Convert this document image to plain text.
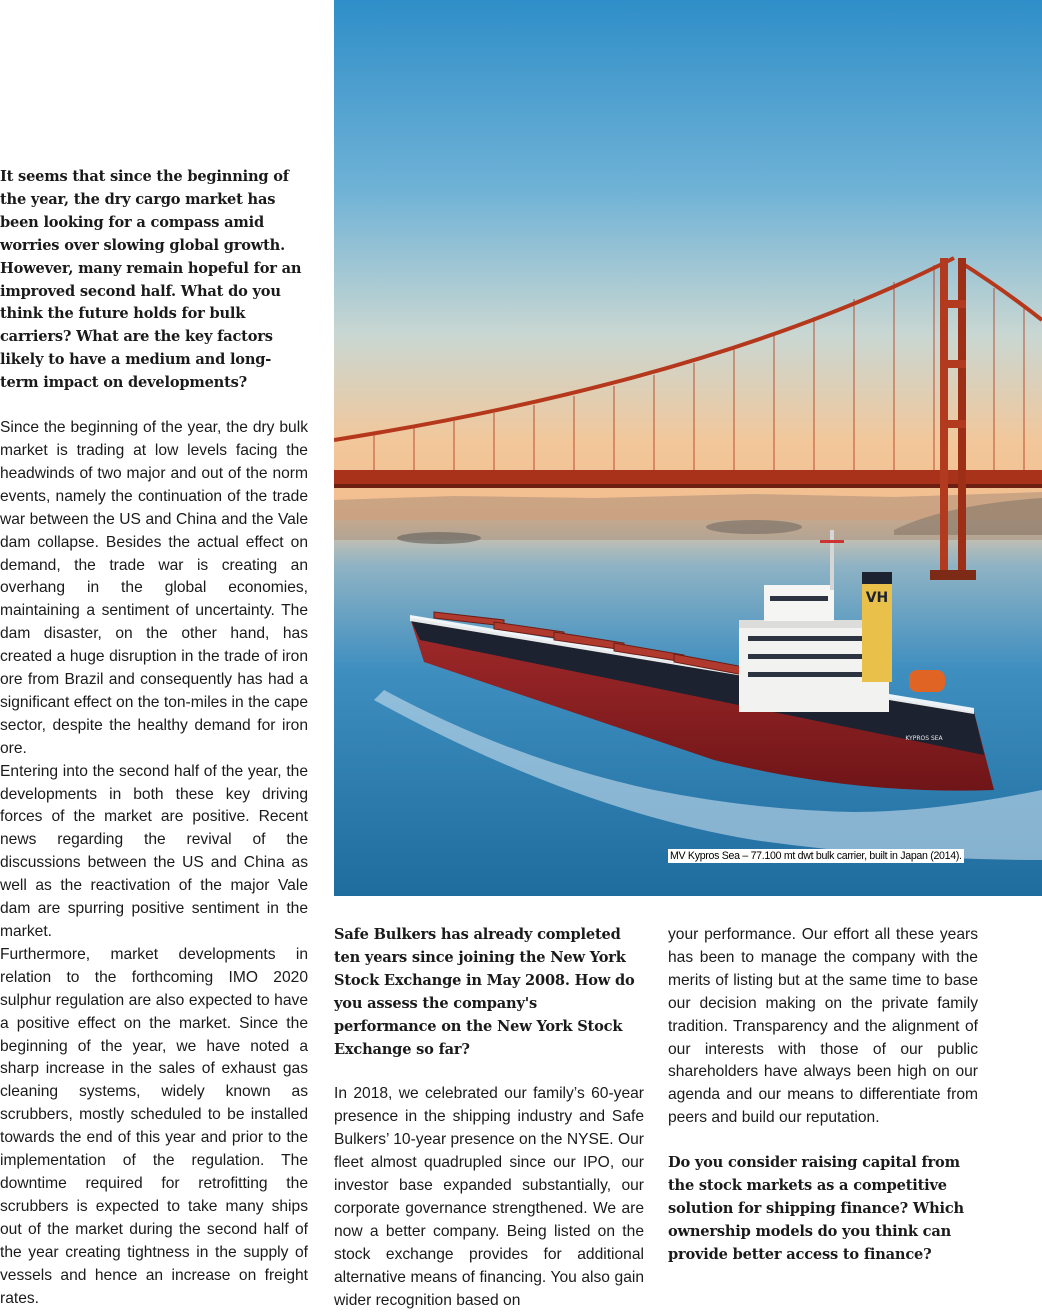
It seems that since the beginning of the year, the dry cargo market has been looking for a compass amid worries over slowing global growth. However, many remain hopeful for an improved second half. What do you think the future holds for bulk carriers? What are the key factors likely to have a medium and long-term impact on developments?

Since the beginning of the year, the dry bulk market is trading at low levels facing the headwinds of two major and out of the norm events, namely the continuation of the trade war between the US and China and the Vale dam collapse. Besides the actual effect on demand, the trade war is creating an overhang in the global economies, maintaining a sentiment of uncertainty. The dam disaster, on the other hand, has created a huge disruption in the trade of iron ore from Brazil and consequently has had a significant effect on the ton-miles in the cape sector, despite the healthy demand for iron ore.

Entering into the second half of the year, the developments in both these key driving forces of the market are positive. Recent news regarding the revival of the discussions between the US and China as well as the reactivation of the major Vale dam are spurring positive sentiment in the market.

Furthermore, market developments in relation to the forthcoming IMO 2020 sulphur regulation are also expected to have a positive effect on the market. Since the beginning of the year, we have noted a sharp increase in the sales of exhaust gas cleaning systems, widely known as scrubbers, mostly scheduled to be installed towards the end of this year and prior to the implementation of the regulation. The downtime required for retrofitting the scrubbers is expected to take many ships out of the market during the second half of the year creating tightness in the supply of vessels and hence an increase on freight rates.

VH
KYPROS SEA
MV Kypros Sea – 77.100 mt dwt bulk carrier, built in Japan (2014).

Safe Bulkers has already completed ten years since joining the New York Stock Exchange in May 2008. How do you assess the company's performance on the New York Stock Exchange so far?

In 2018, we celebrated our family’s 60-year presence in the shipping industry and Safe Bulkers’ 10-year presence on the NYSE. Our fleet almost quadrupled since our IPO, our investor base expanded substantially, our corporate governance strengthened. We are now a better company. Being listed on the stock exchange provides for additional alternative means of financing. You also gain wider recognition based on

your performance. Our effort all these years has been to manage the company with the merits of listing but at the same time to base our decision making on the private family tradition. Transparency and the alignment of our interests with those of our public shareholders have always been high on our agenda and our means to differentiate from peers and build our reputation.

Do you consider raising capital from the stock markets as a competitive solution for shipping finance? Which ownership models do you think can provide better access to finance?
